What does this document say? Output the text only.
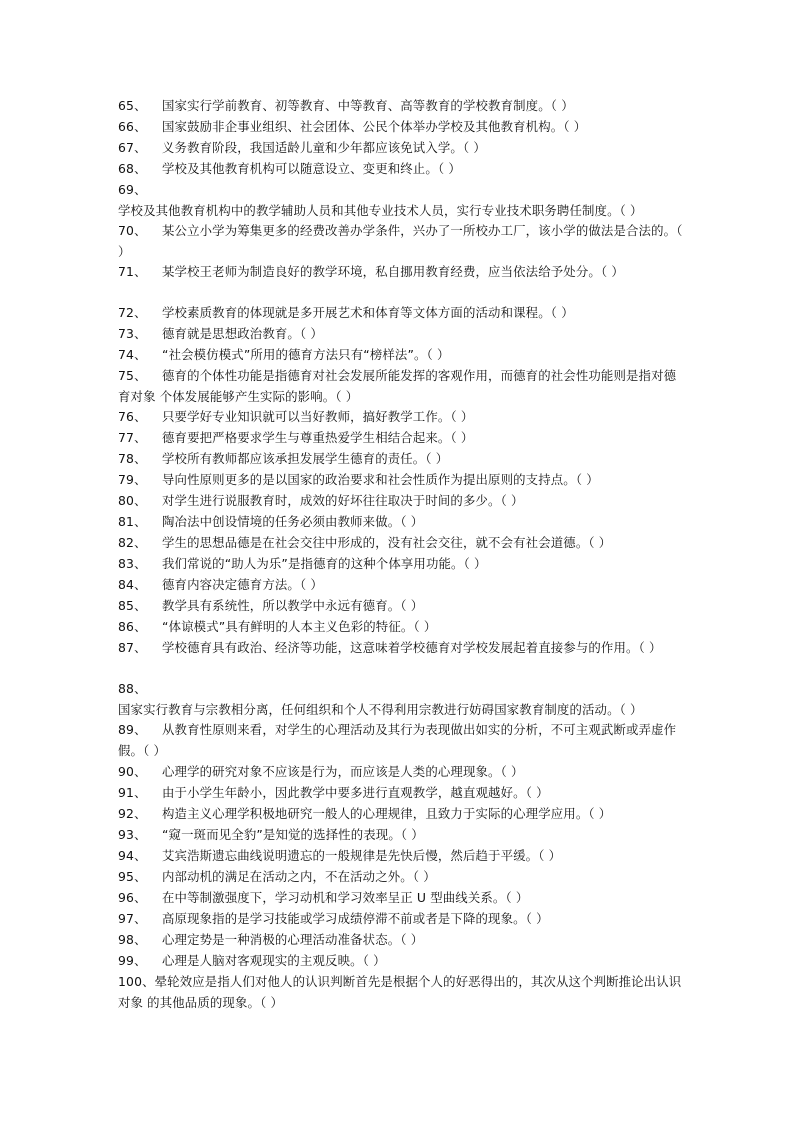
65、 国家实行学前教育、初等教育、中等教育、高等教育的学校教育制度。（ ）
66、 国家鼓励非企事业组织、社会团体、公民个体举办学校及其他教育机构。（ ）
67、 义务教育阶段，我国适龄儿童和少年都应该免试入学。（ ）
68、 学校及其他教育机构可以随意设立、变更和终止。（ ）
69、学校及其他教育机构中的教学辅助人员和其他专业技术人员，实行专业技术职务聘任制度。（ ）
70、 某公立小学为筹集更多的经费改善办学条件，兴办了一所校办工厂，该小学的做法是合法的。（ ）
71、 某学校王老师为制造良好的教学环境，私自挪用教育经费，应当依法给予处分。（ ）
72、 学校素质教育的体现就是多开展艺术和体育等文体方面的活动和课程。（ ）
73、 德育就是思想政治教育。（ ）
74、 “社会模仿模式”所用的德育方法只有“榜样法”。（ ）
75、 德育的个体性功能是指德育对社会发展所能发挥的客观作用，而德育的社会性功能则是指对德育对象 个体发展能够产生实际的影响。（ ）
76、 只要学好专业知识就可以当好教师，搞好教学工作。（ ）
77、 德育要把严格要求学生与尊重热爱学生相结合起来。（ ）
78、 学校所有教师都应该承担发展学生德育的责任。（ ）
79、 导向性原则更多的是以国家的政治要求和社会性质作为提出原则的支持点。（ ）
80、 对学生进行说服教育时，成效的好坏往往取决于时间的多少。（ ）
81、 陶冶法中创设情境的任务必须由教师来做。（ ）
82、 学生的思想品德是在社会交往中形成的，没有社会交往，就不会有社会道德。（ ）
83、 我们常说的“助人为乐”是指德育的这种个体享用功能。（ ）
84、 德育内容决定德育方法。（ ）
85、 教学具有系统性，所以教学中永远有德育。（ ）
86、 “体谅模式”具有鲜明的人本主义色彩的特征。（ ）
87、 学校德育具有政治、经济等功能，这意味着学校德育对学校发展起着直接参与的作用。（ ）
88、国家实行教育与宗教相分离，任何组织和个人不得利用宗教进行妨碍国家教育制度的活动。（ ）
89、 从教育性原则来看，对学生的心理活动及其行为表现做出如实的分析，不可主观武断或弄虚作假。（ ）
90、 心理学的研究对象不应该是行为，而应该是人类的心理现象。（ ）
91、 由于小学生年龄小，因此教学中要多进行直观教学，越直观越好。（ ）
92、 构造主义心理学积极地研究一般人的心理规律，且致力于实际的心理学应用。（ ）
93、 “窥一斑而见全豹”是知觉的选择性的表现。（ ）
94、 艾宾浩斯遗忘曲线说明遗忘的一般规律是先快后慢，然后趋于平缓。（ ）
95、 内部动机的满足在活动之内，不在活动之外。（ ）
96、 在中等制激强度下，学习动机和学习效率呈正 U 型曲线关系。（ ）
97、 高原现象指的是学习技能或学习成绩停滞不前或者是下降的现象。（ ）
98、 心理定势是一种消极的心理活动准备状态。（ ）
99、 心理是人脑对客观现实的主观反映。（ ）
100、晕轮效应是指人们对他人的认识判断首先是根据个人的好恶得出的，其次从这个判断推论出认识对象 的其他品质的现象。（ ）
